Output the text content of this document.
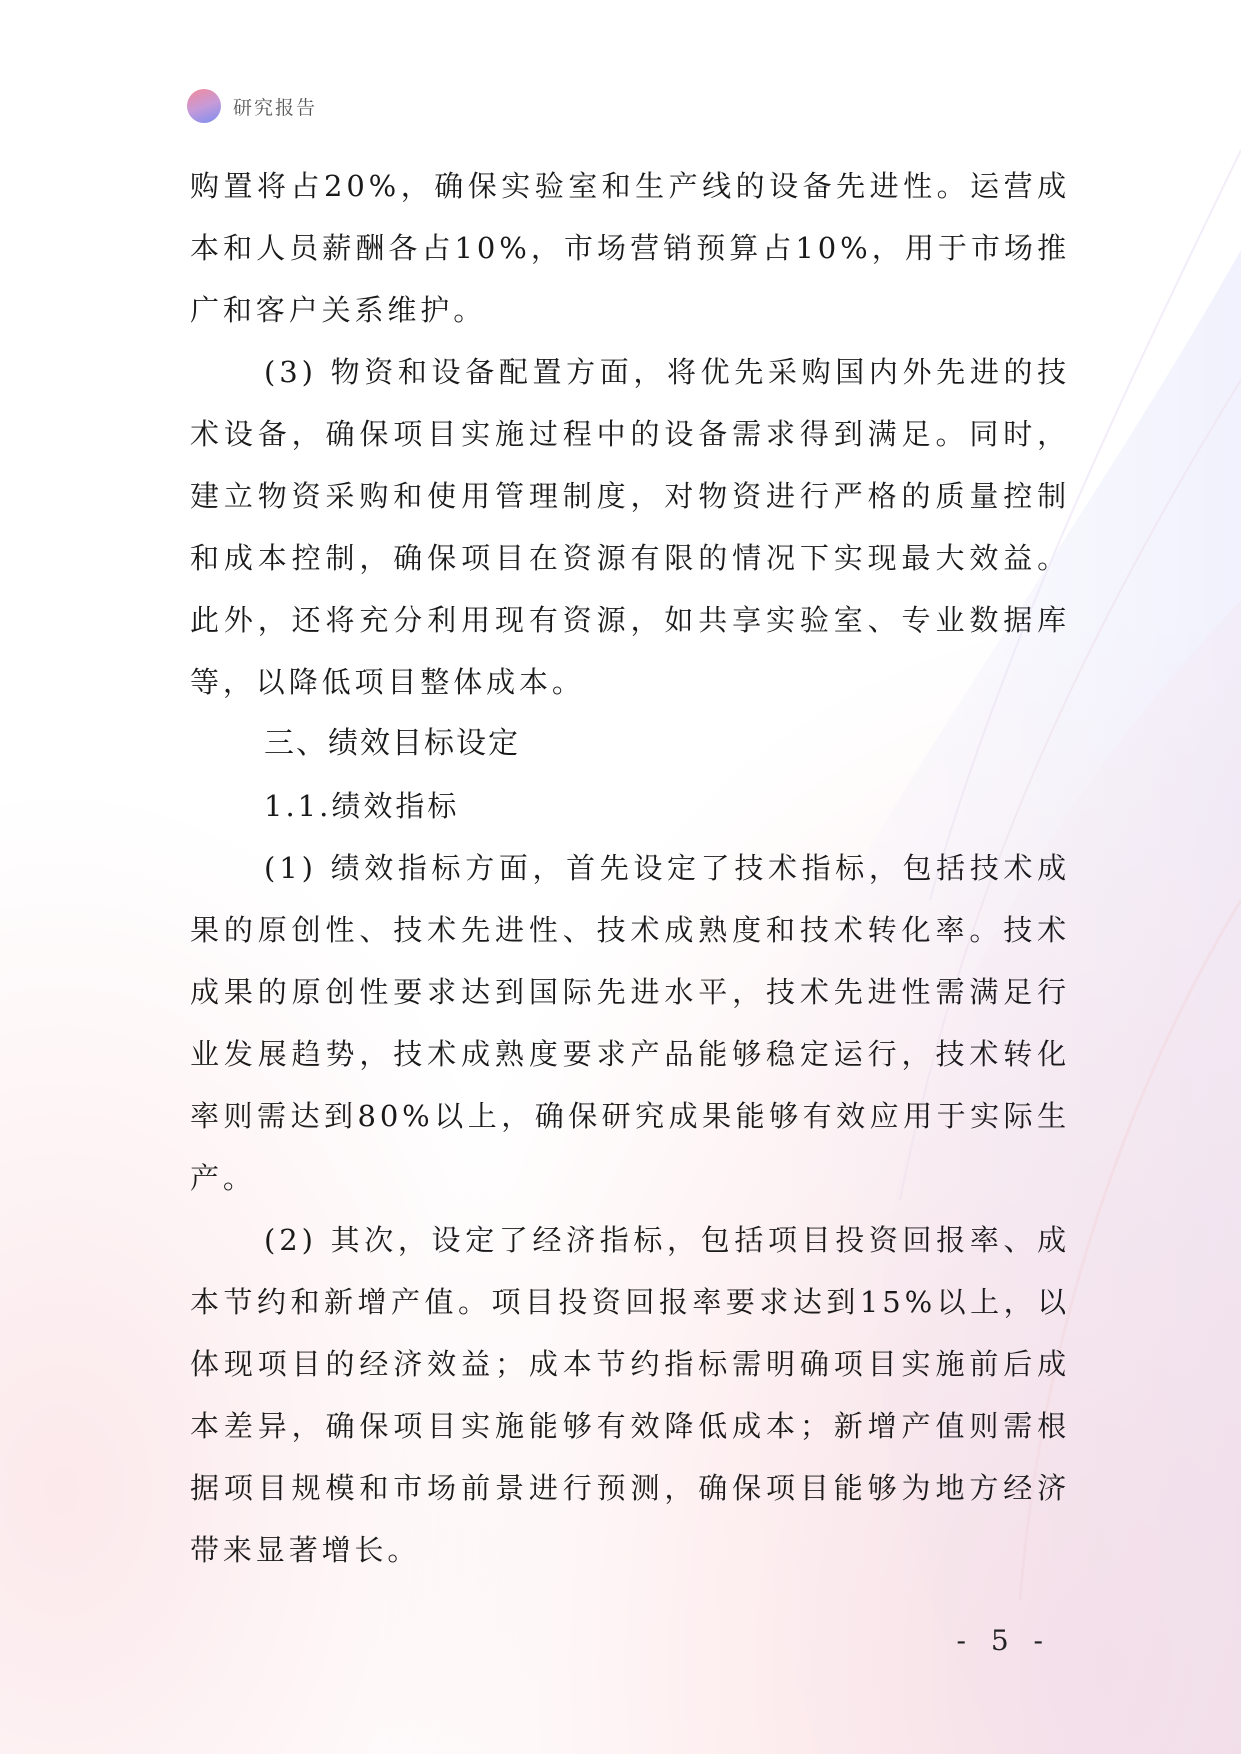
研究报告

购置将占20%，确保实验室和生产线的设备先进性。运营成本和人员薪酬各占10%，市场营销预算占10%，用于市场推广和客户关系维护。

(3) 物资和设备配置方面，将优先采购国内外先进的技术设备，确保项目实施过程中的设备需求得到满足。同时，建立物资采购和使用管理制度，对物资进行严格的质量控制和成本控制，确保项目在资源有限的情况下实现最大效益。此外，还将充分利用现有资源，如共享实验室、专业数据库等，以降低项目整体成本。

三、绩效目标设定

1.1.绩效指标

(1) 绩效指标方面，首先设定了技术指标，包括技术成果的原创性、技术先进性、技术成熟度和技术转化率。技术成果的原创性要求达到国际先进水平，技术先进性需满足行业发展趋势，技术成熟度要求产品能够稳定运行，技术转化率则需达到80%以上，确保研究成果能够有效应用于实际生产。

(2) 其次，设定了经济指标，包括项目投资回报率、成本节约和新增产值。项目投资回报率要求达到15%以上，以体现项目的经济效益；成本节约指标需明确项目实施前后成本差异，确保项目实施能够有效降低成本；新增产值则需根据项目规模和市场前景进行预测，确保项目能够为地方经济带来显著增长。

- 5 -
